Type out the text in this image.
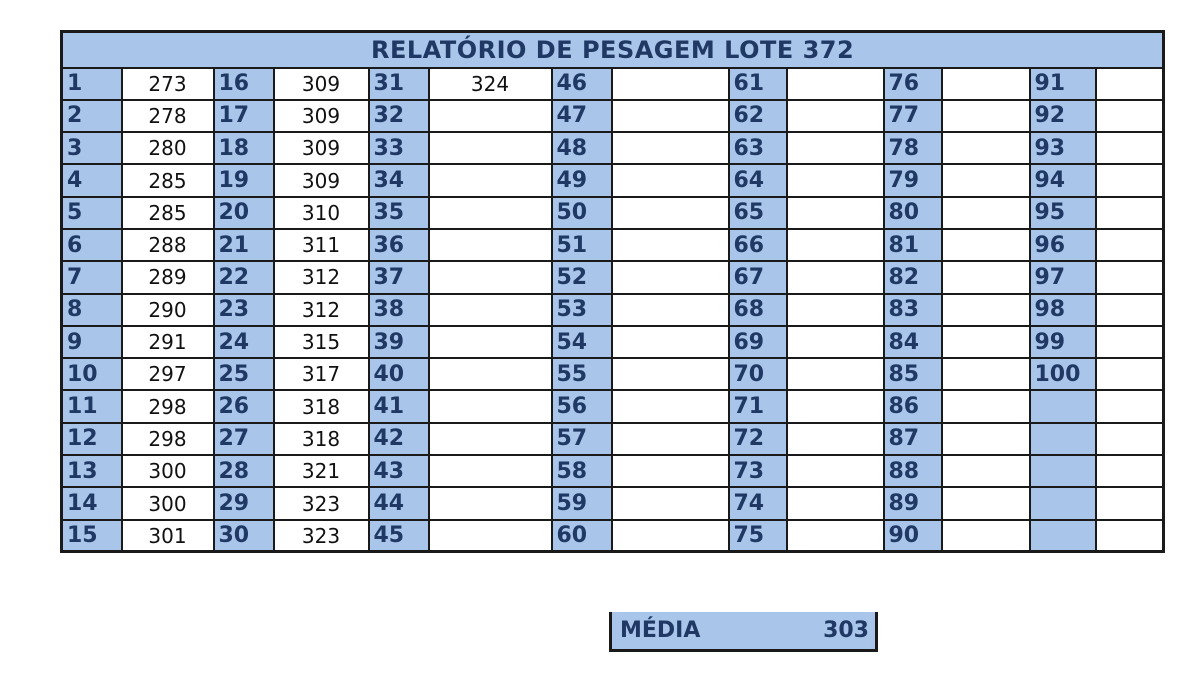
RELATÓRIO DE PESAGEM LOTE 372													
1	273	16	309	31	324	46		61		76		91	
2	278	17	309	32		47		62		77		92	
3	280	18	309	33		48		63		78		93	
4	285	19	309	34		49		64		79		94	
5	285	20	310	35		50		65		80		95	
6	288	21	311	36		51		66		81		96	
7	289	22	312	37		52		67		82		97	
8	290	23	312	38		53		68		83		98	
9	291	24	315	39		54		69		84		99	
10	297	25	317	40		55		70		85		100	
11	298	26	318	41		56		71		86			
12	298	27	318	42		57		72		87			
13	300	28	321	43		58		73		88			
14	300	29	323	44		59		74		89			
15	301	30	323	45		60		75		90			
MÉDIA	303
